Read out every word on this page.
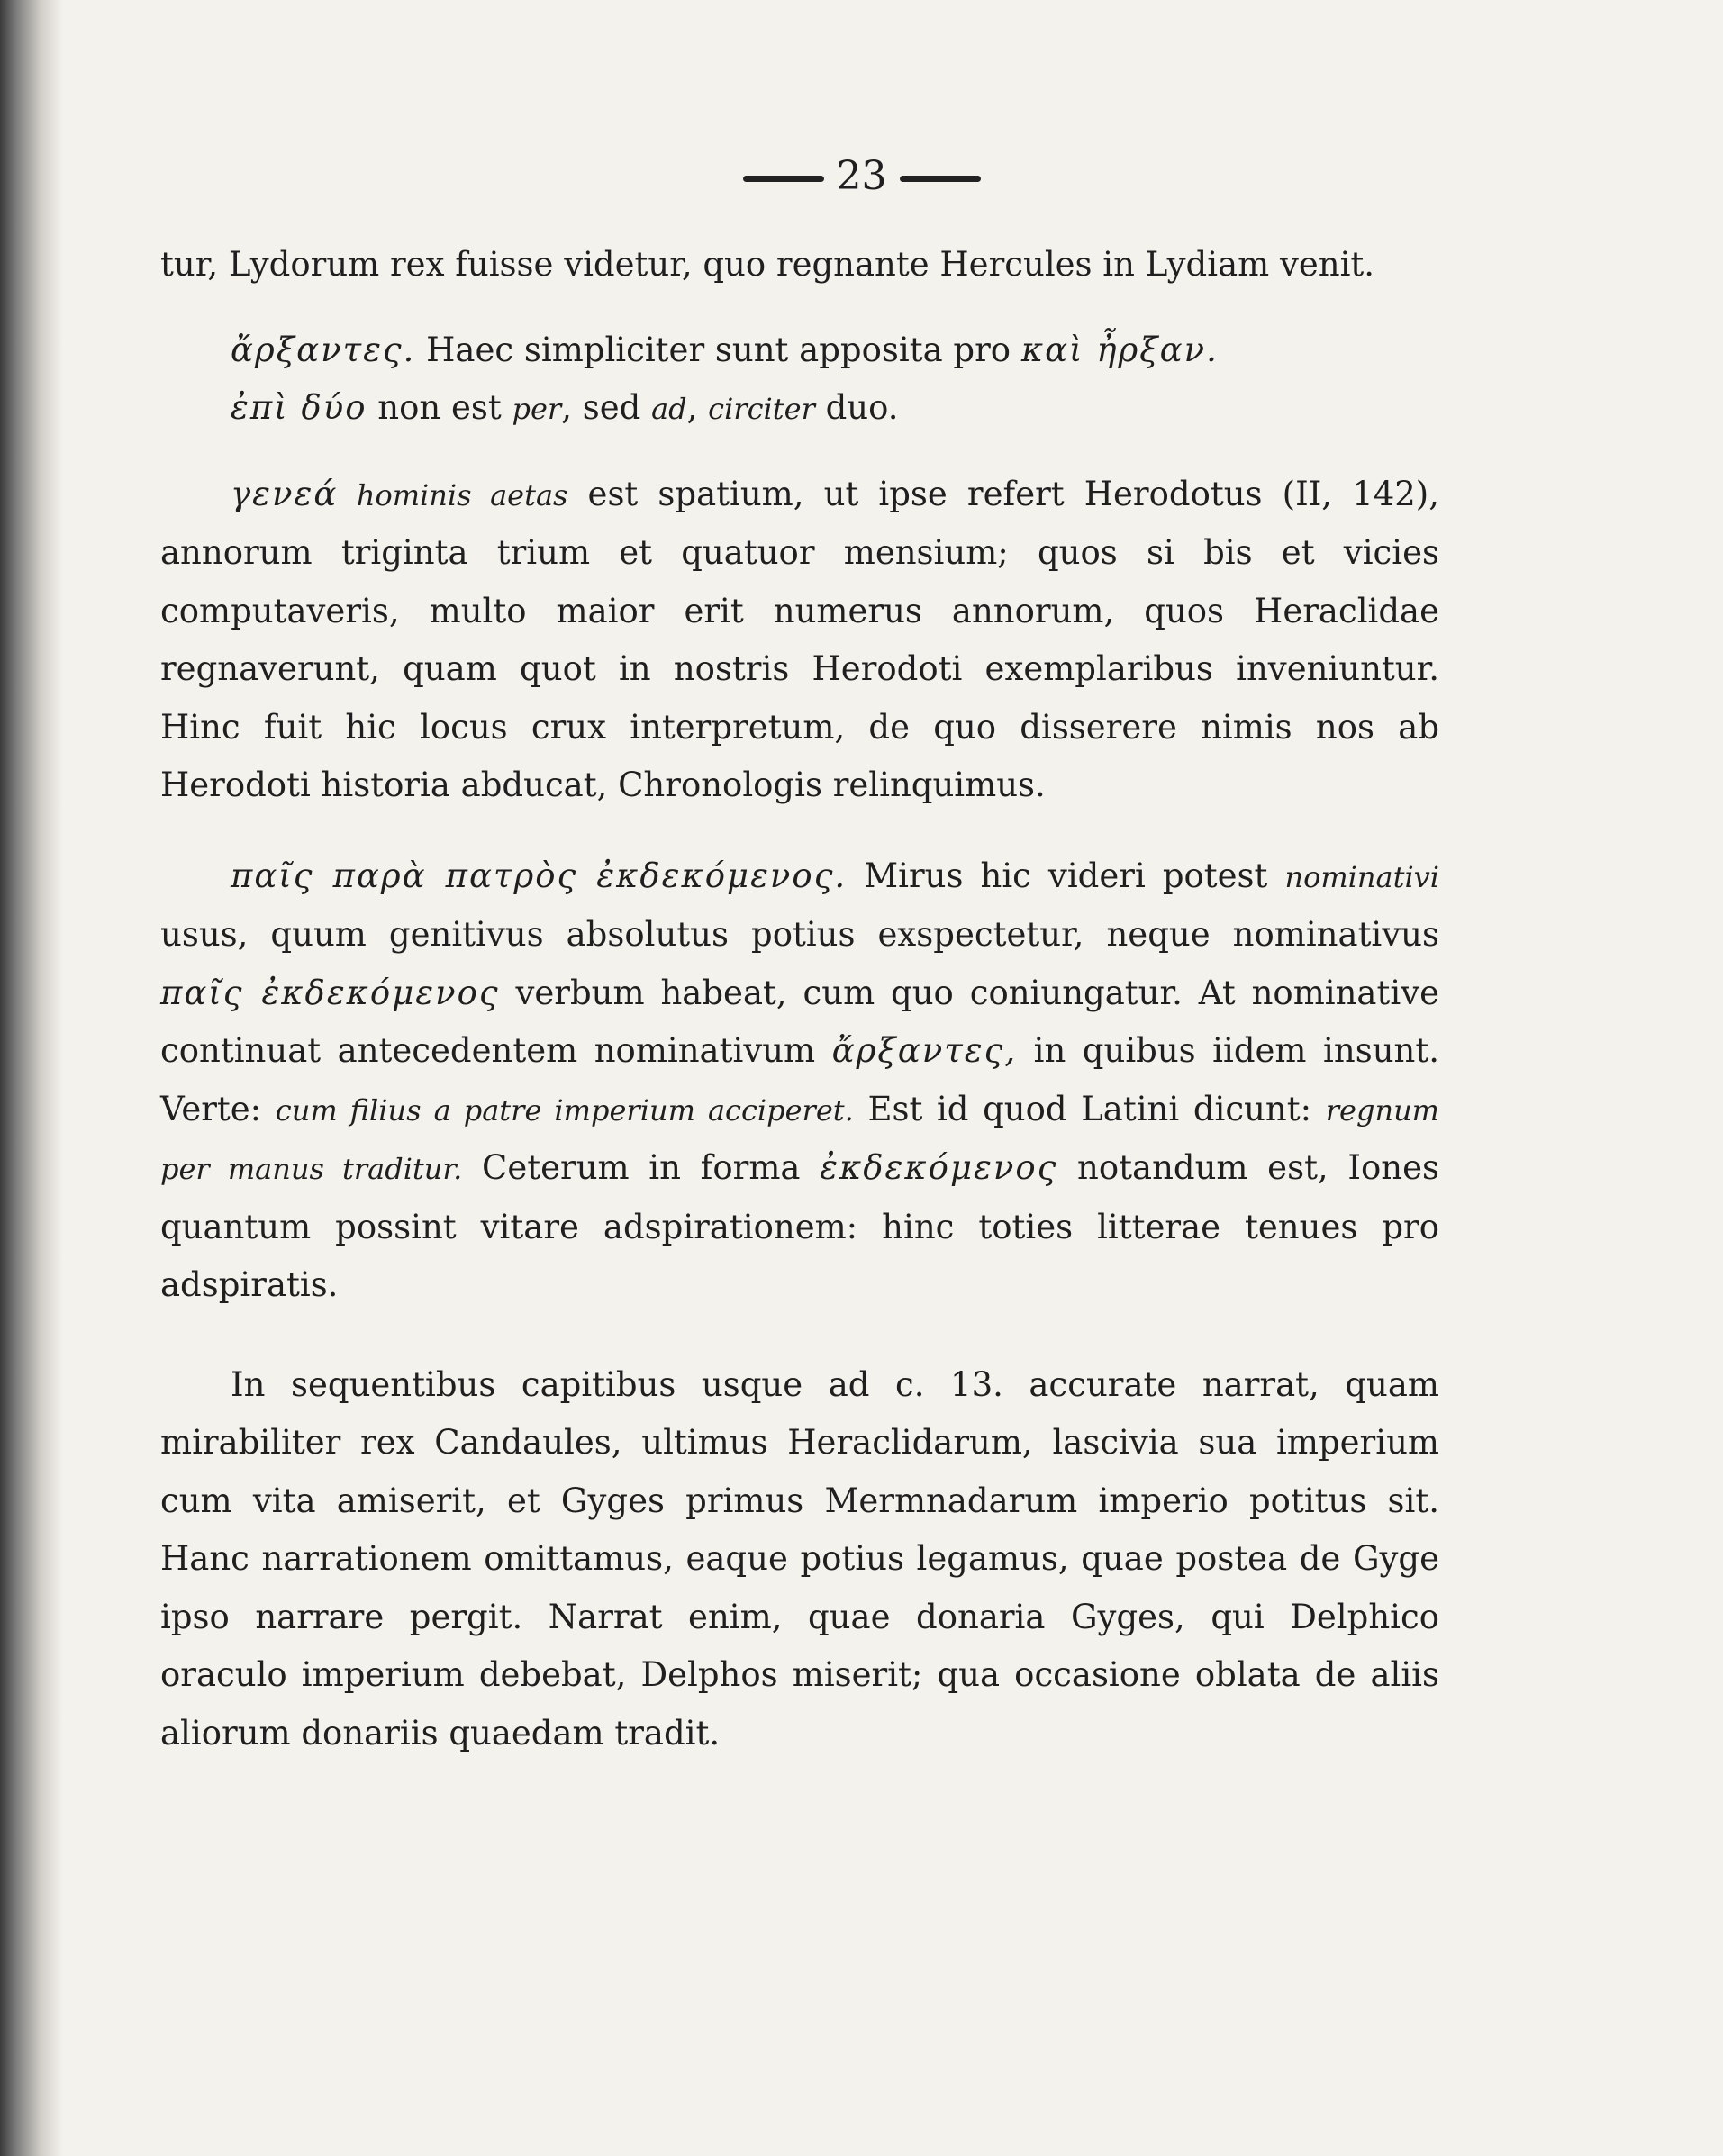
23

tur, Lydorum rex fuisse videtur, quo regnante Hercules in Lydiam venit.

ἄρξαντες. Haec simpliciter sunt apposita pro καὶ ἦρξαν.

ἐπὶ δύο non est per, sed ad, circiter duo.

γενεά hominis aetas est spatium, ut ipse refert Herodotus (II, 142), annorum triginta trium et quatuor mensium; quos si bis et vicies computaveris, multo maior erit numerus annorum, quos Heraclidae regnaverunt, quam quot in nostris Herodoti exemplaribus inveniuntur. Hinc fuit hic locus crux interpretum, de quo disserere nimis nos ab Herodoti historia abducat, Chronologis relinquimus.

παῖς παρὰ πατρὸς ἐκδεκόμενος. Mirus hic videri potest nominativi usus, quum genitivus absolutus potius exspectetur, neque nominativus παῖς ἐκδεκόμενος verbum habeat, cum quo coniungatur. At nominative continuat antecedentem nominativum ἄρξαντες, in quibus iidem insunt. Verte: cum filius a patre imperium acciperet. Est id quod Latini dicunt: regnum per manus traditur. Ceterum in forma ἐκδεκόμενος notandum est, Iones quantum possint vitare adspirationem: hinc toties litterae tenues pro adspiratis.

In sequentibus capitibus usque ad c. 13. accurate narrat, quam mirabiliter rex Candaules, ultimus Heraclidarum, lascivia sua imperium cum vita amiserit, et Gyges primus Mermnadarum imperio potitus sit. Hanc narrationem omittamus, eaque potius legamus, quae postea de Gyge ipso narrare pergit. Narrat enim, quae donaria Gyges, qui Delphico oraculo imperium debebat, Delphos miserit; qua occasione oblata de aliis aliorum donariis quaedam tradit.
